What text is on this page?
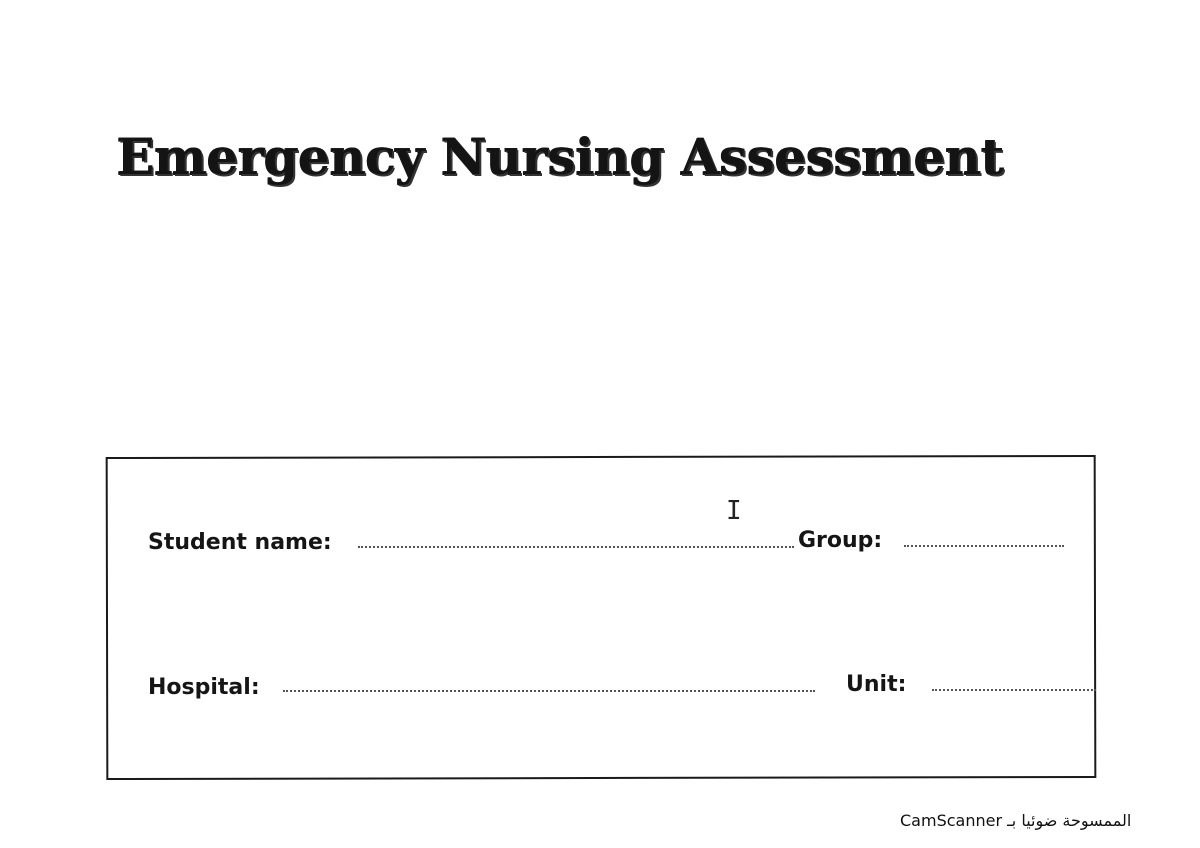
Emergency Nursing Assessment
Student name:	Group:
Hospital:	Unit:
I
CamScanner الممسوحة ضوئيا بـ
